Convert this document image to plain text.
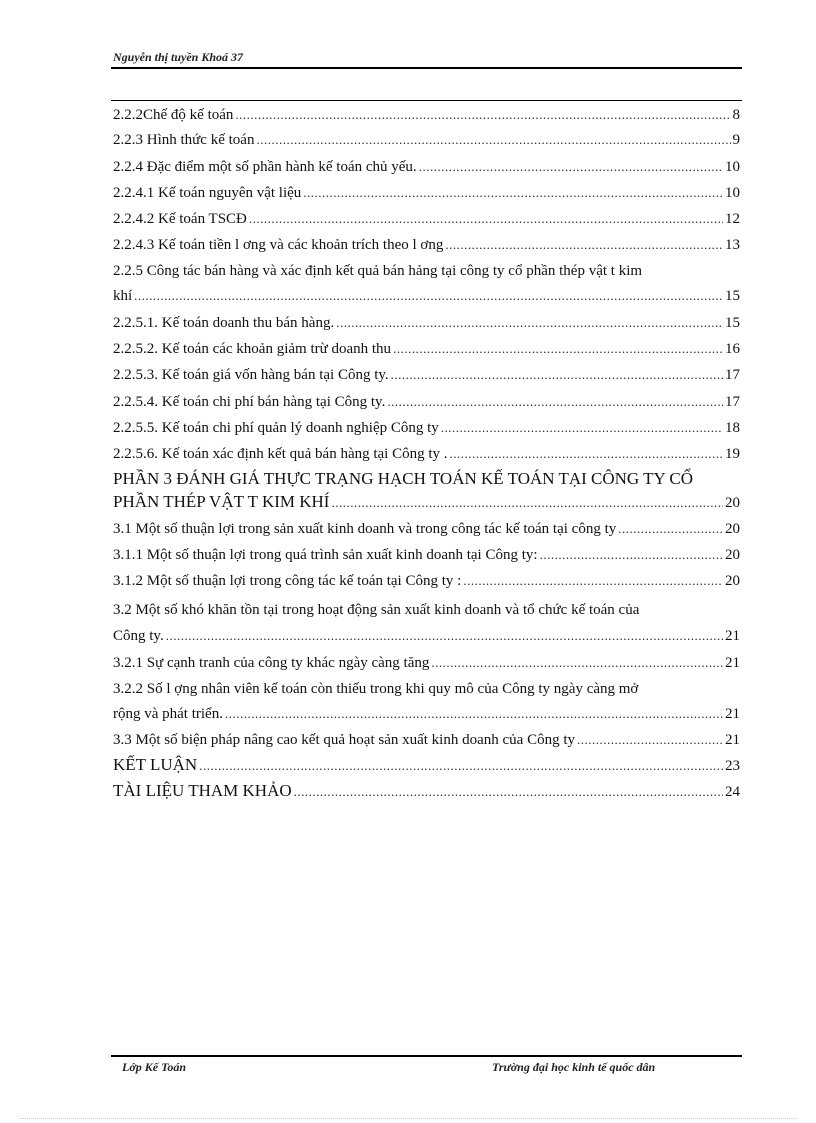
Nguyễn thị tuyền Khoá 37
2.2.2Chế độ kế toán .....	8
2.2.3 Hình thức kế toán .....	9
2.2.4 Đặc điểm một số phần hành kế toán chủ yếu. .....	10
2.2.4.1 Kế toán nguyên vật liệu .....	10
2.2.4.2 Kế toán TSCĐ .....	12
2.2.4.3 Kế toán tiền l ơng và các khoản trích theo l ơng .....	13
2.2.5 Công tác bán hàng và xác định kết quả bán hảng tại công ty cổ phần thép vật t kim
khí .....	15
2.2.5.1. Kế toán doanh thu bán hàng. .....	15
2.2.5.2. Kế toán các khoản giảm trừ doanh thu .....	16
2.2.5.3. Kế toán giá vốn hàng bán tại Công ty. .....	17
2.2.5.4. Kế toán chi phí bán hàng tại Công ty. .....	17
2.2.5.5. Kế toán chi phí quản lý doanh nghiệp Công ty .....	18
2.2.5.6. Kế toán xác định kết quả bán hàng tại Công ty . .....	19
PHẦN 3 ĐÁNH GIÁ THỰC TRẠNG HẠCH TOÁN KẾ TOÁN TẠI CÔNG TY CỔ
PHẦN THÉP VẬT T KIM KHÍ .....	20
3.1 Một số thuận lợi trong sản xuất kinh doanh và trong công tác kế toán tại công ty .....	20
3.1.1 Một số thuận lợi trong quá trình sản xuất kinh doanh tại Công ty: .....	20
3.1.2 Một số thuận lợi trong công tác kế toán tại Công ty : .....	20
3.2 Một số khó khăn tồn tại trong hoạt động sản xuất kinh doanh và tổ chức kế toán của
Công ty. .....	21
3.2.1 Sự cạnh tranh của công ty khác ngày càng tăng .....	21
3.2.2 Số l ợng nhân viên kế toán còn thiếu trong khi quy mô của Công ty ngày càng mở
rộng và phát triển. .....	21
3.3 Một số biện pháp nâng cao kết quả hoạt sản xuất kinh doanh của Công ty .....	21
KẾT LUẬN .....	23
TÀI LIỆU THAM KHẢO .....	24
Lớp Kế Toán	Trường đại học kinh tế quốc dân
